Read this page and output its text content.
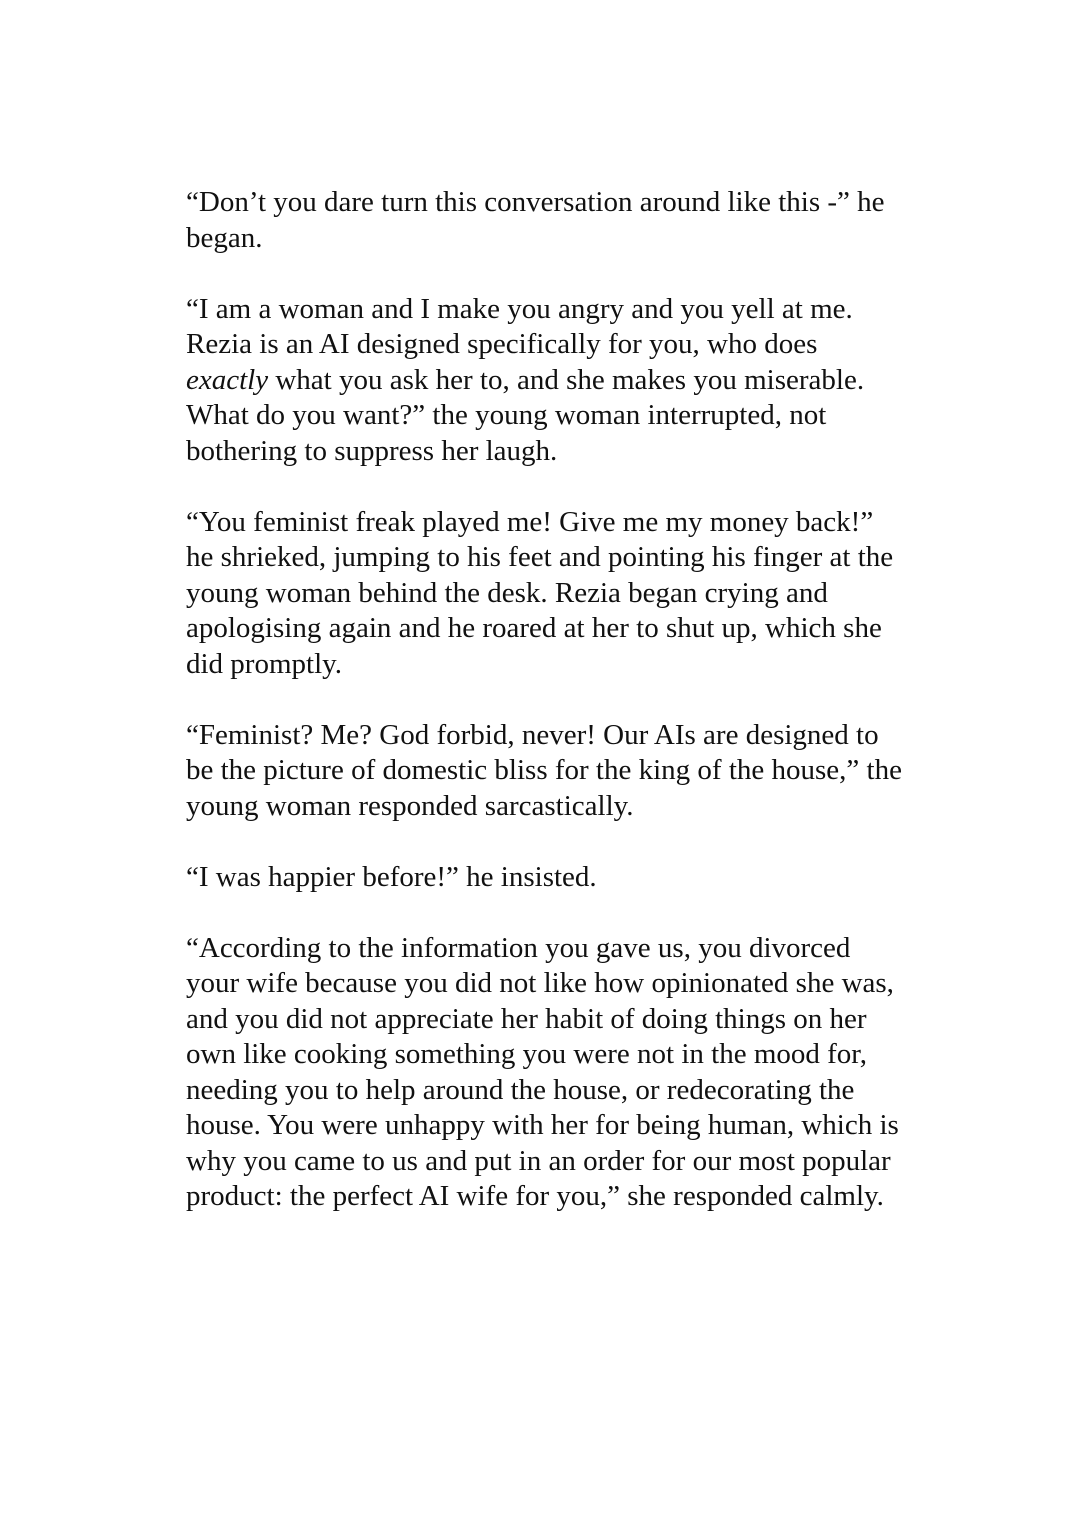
“Don’t you dare turn this conversation around like this -” he began.

“I am a woman and I make you angry and you yell at me. Rezia is an AI designed specifically for you, who does exactly what you ask her to, and she makes you miserable. What do you want?” the young woman interrupted, not bothering to suppress her laugh.

“You feminist freak played me! Give me my money back!” he shrieked, jumping to his feet and pointing his finger at the young woman behind the desk. Rezia began crying and apologising again and he roared at her to shut up, which she did promptly.

“Feminist? Me? God forbid, never! Our AIs are designed to be the picture of domestic bliss for the king of the house,” the young woman responded sarcastically.

“I was happier before!” he insisted.

“According to the information you gave us, you divorced your wife because you did not like how opinionated she was, and you did not appreciate her habit of doing things on her own like cooking something you were not in the mood for, needing you to help around the house, or redecorating the house. You were unhappy with her for being human, which is why you came to us and put in an order for our most popular product: the perfect AI wife for you,” she responded calmly.
